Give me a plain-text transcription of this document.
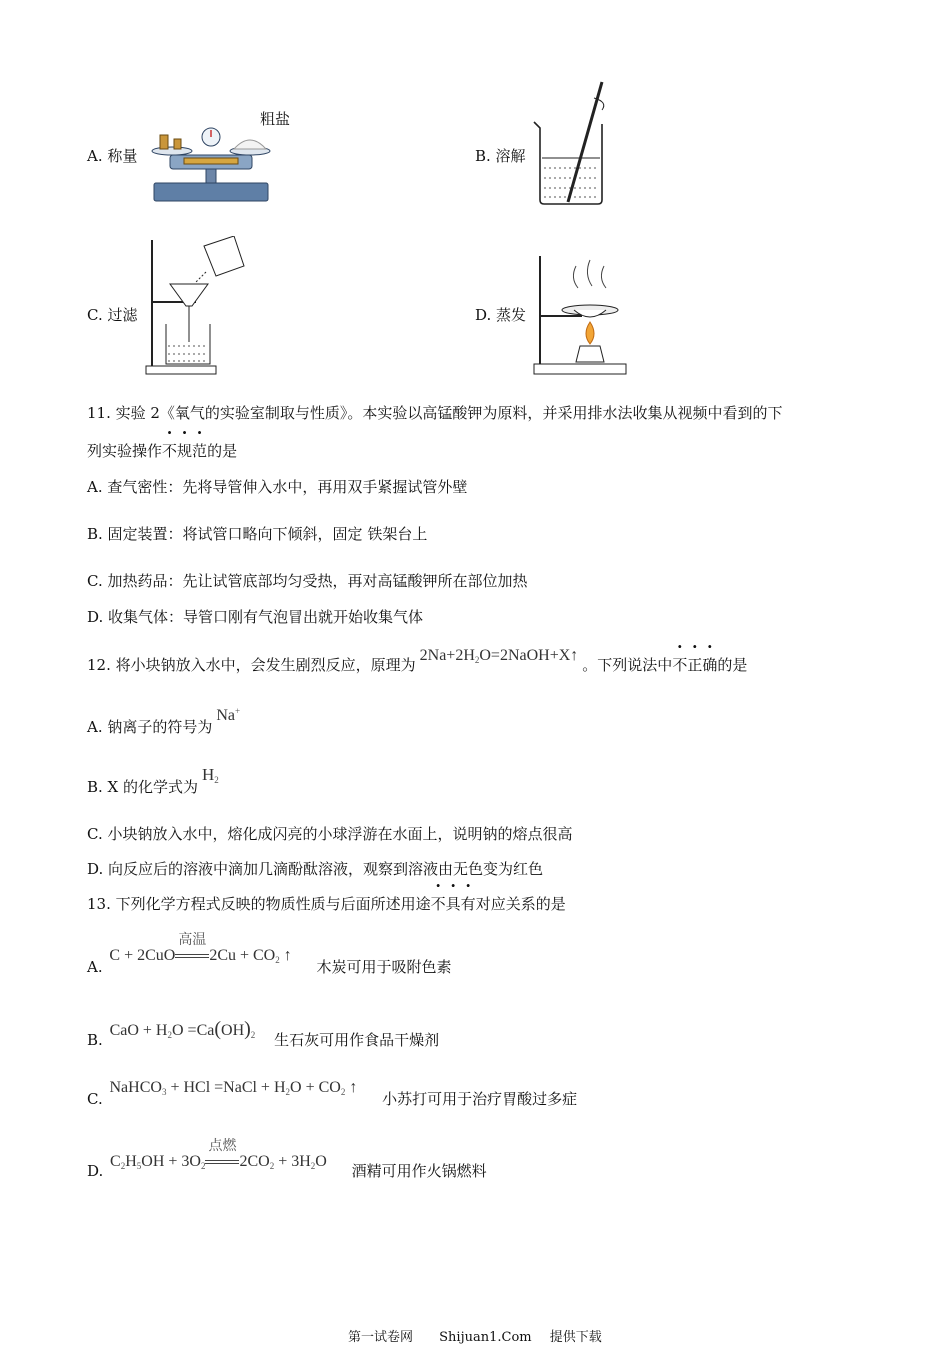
A. 称量
粗盐
B. 溶解
C. 过滤	D. 蒸发
11. 实验 2《氧气的实验室制取与性质》。本实验以高锰酸钾为原料，并采用排水法收集从视频中看到的下
列实验操作不规范的是
A. 查气密性：先将导管伸入水中，再用双手紧握试管外壁
B. 固定装置：将试管口略向下倾斜，固定 铁架台上
C. 加热药品：先让试管底部均匀受热，再对高锰酸钾所在部位加热
D. 收集气体：导管口刚有气泡冒出就开始收集气体
12. 将小块钠放入水中，会发生剧烈反应，原理为$2Na+2H_2O=2NaOH+X↑$。下列说法中不正确的是
A. 钠离子的符号为Na+
B. X 的化学式为$H_2$
C. 小块钠放入水中，熔化成闪亮的小球浮游在水面上，说明钠的熔点很高
D. 向反应后的溶液中滴加几滴酚酞溶液，观察到溶液由无色变为红色
13. 下列化学方程式反映的物质性质与后面所述用途不具有对应关系的是
A. C + 2CuO
高温
$2Cu + CO_2$ ↑ 木炭可用于吸附色素
B. CaO + $H_2O =Ca(OH)_2$ 生石灰可用作食品干燥剂
C. NaHCO$_3$ + HCl =NaCl + $H_2O + CO_2$ ↑ 小苏打可用于治疗胃酸过多症
D. $C_2H_5OH + 3O_2$
点燃
$2CO_2 + 3H_2O$ 酒精可用作火锅燃料
第一试卷网 Shijuan1.Com 提供下载
